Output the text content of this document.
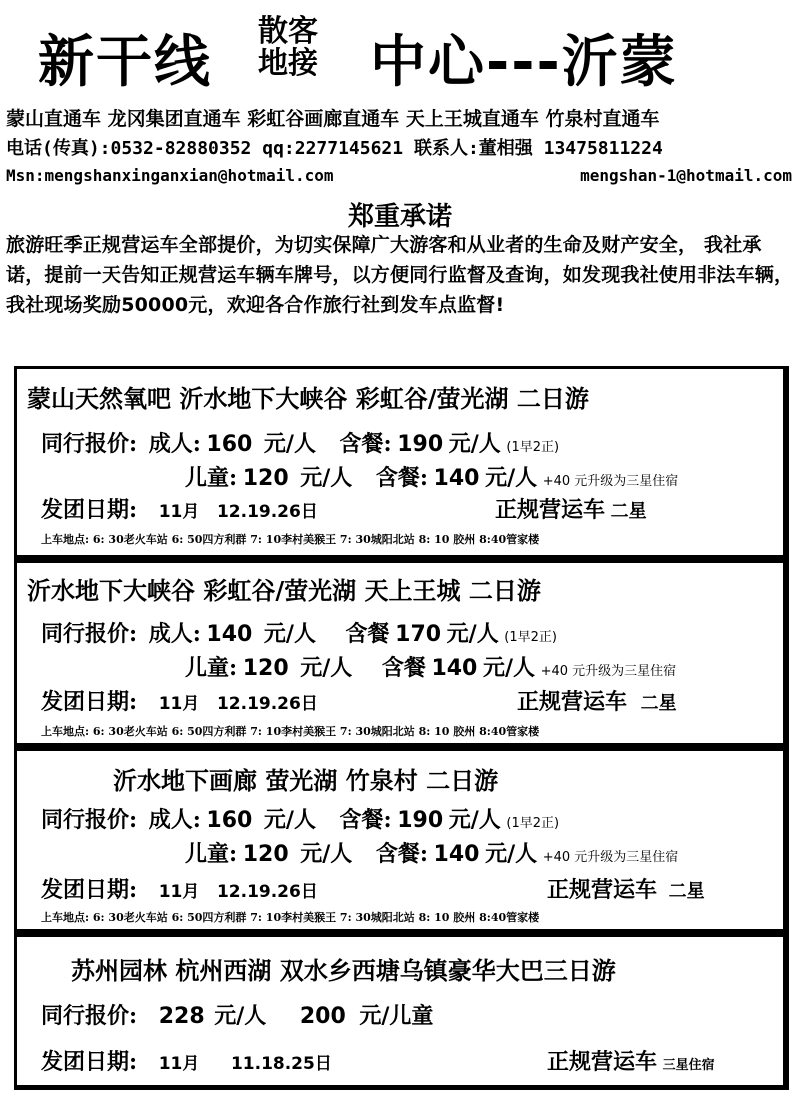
新干线 散客
地接 中心---沂蒙
蒙山直通车 龙冈集团直通车 彩虹谷画廊直通车 天上王城直通车 竹泉村直通车
电话(传真):0532-82880352 qq:2277145621 联系人:董相强 13475811224
Msn:mengshanxinganxian@hotmail.com	mengshan-1@hotmail.com
郑重承诺
旅游旺季正规营运车全部提价，为切实保障广大游客和从业者的生命及财产安全， 我社承诺，提前一天告知正规营运车辆车牌号，以方便同行监督及查询，如发现我社使用非法车辆， 我社现场奖励50000元，欢迎各合作旅行社到发车点监督!
蒙山天然氧吧 沂水地下大峡谷 彩虹谷/萤光湖 二日游
同行报价: 成人: 160 元/人 含餐: 190 元/人 (1早2正)
儿童: 120 元/人 含餐: 140 元/人 +40 元升级为三星住宿
发团日期: 11月 12.19.26日	正规营运车 二星
上车地点: 6: 30老火车站 6: 50四方利群 7: 10李村美猴王 7: 30城阳北站 8: 10 胶州 8:40管家楼
沂水地下大峡谷 彩虹谷/萤光湖 天上王城 二日游
同行报价: 成人: 140 元/人 含餐 170 元/人 (1早2正)
儿童: 120 元/人 含餐 140 元/人 +40 元升级为三星住宿
发团日期: 11月 12.19.26日	正规营运车 二星
上车地点: 6: 30老火车站 6: 50四方利群 7: 10李村美猴王 7: 30城阳北站 8: 10 胶州 8:40管家楼
沂水地下画廊 萤光湖 竹泉村 二日游
同行报价: 成人: 160 元/人 含餐: 190 元/人 (1早2正)
儿童: 120 元/人 含餐: 140 元/人 +40 元升级为三星住宿
发团日期: 11月 12.19.26日	正规营运车 二星
上车地点: 6: 30老火车站 6: 50四方利群 7: 10李村美猴王 7: 30城阳北站 8: 10 胶州 8:40管家楼
苏州园林 杭州西湖 双水乡西塘乌镇豪华大巴三日游
同行报价: 228 元/人 200 元/儿童
发团日期: 11月 11.18.25日	正规营运车 三星住宿
